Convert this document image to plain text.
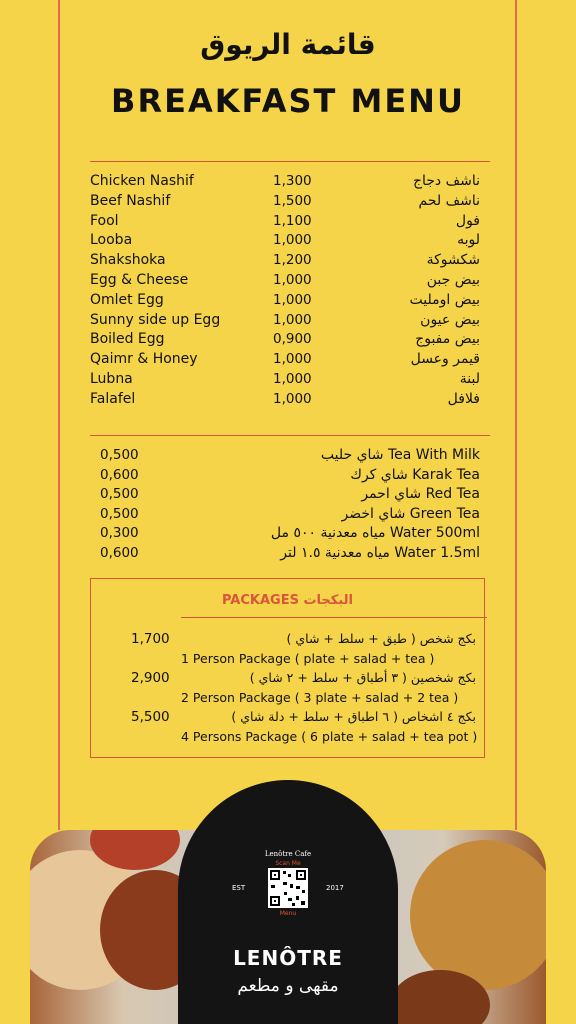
قائمة الريوق
BREAKFAST MENU
Chicken Nashif	1,300	ناشف دجاج
Beef Nashif	1,500	ناشف لحم
Fool	1,100	فول
Looba	1,000	لوبه
Shakshoka	1,200	شكشوكة
Egg & Cheese	1,000	بيض جبن
Omlet Egg	1,000	بيض اومليت
Sunny side up Egg	1,000	بيض عيون
Boiled Egg	0,900	بيض مفبوج
Qaimr & Honey	1,000	قيمر وعسل
Lubna	1,000	لبنة
Falafel	1,000	فلافل
0,500	شاي حليب Tea With Milk
0,600	شاي كرك Karak Tea
0,500	شاي احمر Red Tea
0,500	شاي اخضر Green Tea
0,300	مياه معدنية ٥٠٠ مل Water 500ml
0,600	مياه معدنية ١.٥ لتر Water 1.5ml
PACKAGES البكجات
1,700	بكج شخص ( طبق + سلط + شاي )
1 Person Package ( plate + salad + tea )
2,900	بكج شخصين ( ٣ أطباق + سلط + ٢ شاي )
2 Person Package ( 3 plate + salad + 2 tea )
5,500	بكج ٤ اشخاص ( ٦ اطباق + سلط + دلة شاي )
4 Persons Package ( 6 plate + salad + tea pot )
Lenôtre Cafe
Scan Me
Menu
EST	2017
LENÔTRE
مقهى و مطعم
